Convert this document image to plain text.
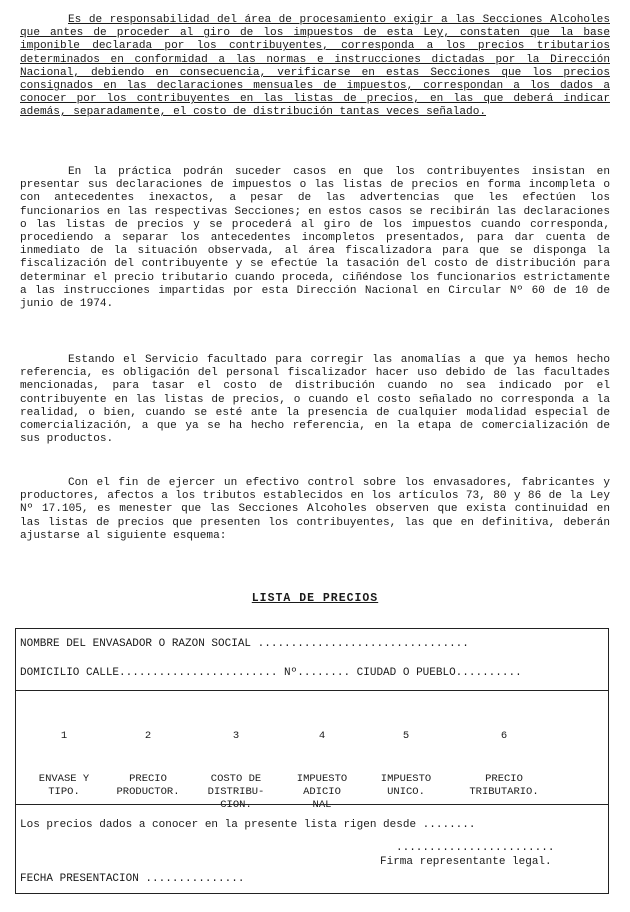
Es de responsabilidad del área de procesamiento exigir a las Secciones Alcoholes que antes de proceder al giro de los impuestos de esta Ley, constaten que la base imponible declarada por los contribuyentes, corresponda a los precios tributarios determinados en conformidad a las normas e instrucciones dictadas por la Dirección Nacional, debiendo en consecuencia, verificarse en estas Secciones que los precios consignados en las declaraciones mensuales de impuestos, correspondan a los dados a conocer por los contribuyentes en las listas de precios, en las que deberá indicar además, separadamente, el costo de distribución tantas veces señalado.
En la práctica podrán suceder casos en que los contribuyentes insistan en presentar sus declaraciones de impuestos o las listas de precios en forma incompleta o con antecedentes inexactos, a pesar de las advertencias que les efectúen los funcionarios en las respectivas Secciones; en estos casos se recibirán las declaraciones o las listas de precios y se procederá al giro de los impuestos cuando corresponda, procediendo a separar los antecedentes incompletos presentados, para dar cuenta de inmediato de la situación observada, al área fiscalizadora para que se disponga la fiscalización del contribuyente y se efectúe la tasación del costo de distribución para determinar el precio tributario cuando proceda, ciñéndose los funcionarios estrictamente a las instrucciones impartidas por esta Dirección Nacional en Circular Nº 60 de 10 de junio de 1974.
Estando el Servicio facultado para corregir las anomalías a que ya hemos hecho referencia, es obligación del personal fiscalizador hacer uso debido de las facultades mencionadas, para tasar el costo de distribución cuando no sea indicado por el contribuyente en las listas de precios, o cuando el costo señalado no corresponda a la realidad, o bien, cuando se esté ante la presencia de cualquier modalidad especial de comercialización, a que ya se ha hecho referencia, en la etapa de comercialización de sus productos.
Con el fin de ejercer un efectivo control sobre los envasadores, fabricantes y productores, afectos a los tributos establecidos en los artículos 73, 80 y 86 de la Ley Nº 17.105, es menester que las Secciones Alcoholes observen que exista continuidad en las listas de precios que presenten los contribuyentes, las que en definitiva, deberán ajustarse al siguiente esquema:
LISTA DE PRECIOS
NOMBRE DEL ENVASADOR O RAZON SOCIAL ................................
DOMICILIO CALLE........................ Nº........ CIUDAD O PUEBLO..........

1

ENVASE Y
TIPO.

2

PRECIO
PRODUCTOR.

3

COSTO DE
DISTRIBU-
CION.

4

IMPUESTO
ADICIO
NAL

5

IMPUESTO
UNICO.

6

PRECIO
TRIBUTARIO.

Los precios dados a conocer en la presente lista rigen desde ........
........................
Firma representante legal.
FECHA PRESENTACION ...............
